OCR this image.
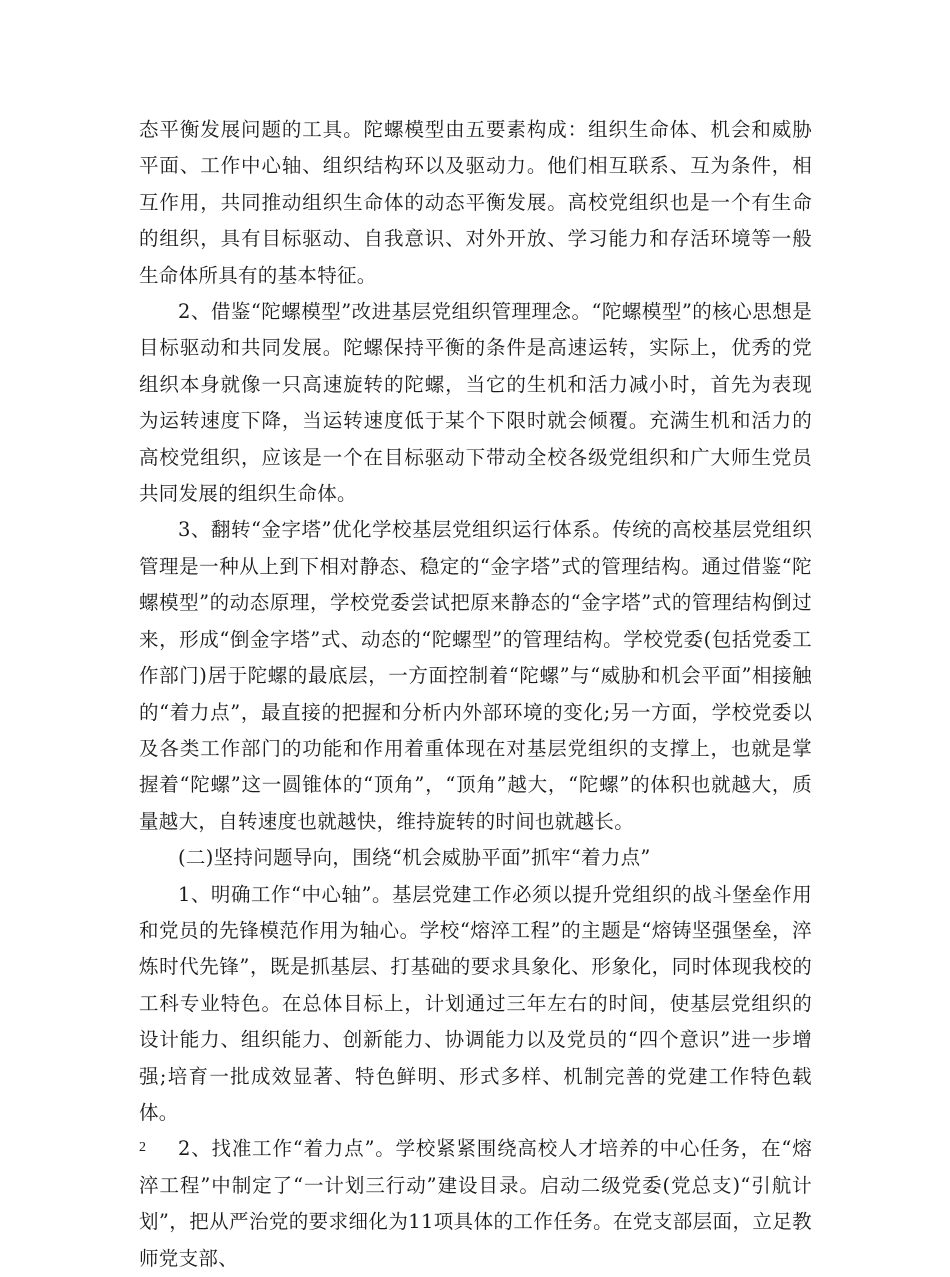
态平衡发展问题的工具。陀螺模型由五要素构成：组织生命体、机会和威胁平面、工作中心轴、组织结构环以及驱动力。他们相互联系、互为条件，相互作用，共同推动组织生命体的动态平衡发展。高校党组织也是一个有生命的组织，具有目标驱动、自我意识、对外开放、学习能力和存活环境等一般生命体所具有的基本特征。

2、借鉴“陀螺模型”改进基层党组织管理理念。“陀螺模型”的核心思想是目标驱动和共同发展。陀螺保持平衡的条件是高速运转，实际上，优秀的党组织本身就像一只高速旋转的陀螺，当它的生机和活力减小时，首先为表现为运转速度下降，当运转速度低于某个下限时就会倾覆。充满生机和活力的高校党组织，应该是一个在目标驱动下带动全校各级党组织和广大师生党员共同发展的组织生命体。

3、翻转“金字塔”优化学校基层党组织运行体系。传统的高校基层党组织管理是一种从上到下相对静态、稳定的“金字塔”式的管理结构。通过借鉴“陀螺模型”的动态原理，学校党委尝试把原来静态的“金字塔”式的管理结构倒过来，形成“倒金字塔”式、动态的“陀螺型”的管理结构。学校党委(包括党委工作部门)居于陀螺的最底层，一方面控制着“陀螺”与“威胁和机会平面”相接触的“着力点”，最直接的把握和分析内外部环境的变化;另一方面，学校党委以及各类工作部门的功能和作用着重体现在对基层党组织的支撑上，也就是掌握着“陀螺”这一圆锥体的“顶角”，“顶角”越大，“陀螺”的体积也就越大，质量越大，自转速度也就越快，维持旋转的时间也就越长。

(二)坚持问题导向，围绕“机会威胁平面”抓牢“着力点”

1、明确工作“中心轴”。基层党建工作必须以提升党组织的战斗堡垒作用和党员的先锋模范作用为轴心。学校“熔淬工程”的主题是“熔铸坚强堡垒，淬炼时代先锋”，既是抓基层、打基础的要求具象化、形象化，同时体现我校的工科专业特色。在总体目标上，计划通过三年左右的时间，使基层党组织的设计能力、组织能力、创新能力、协调能力以及党员的“四个意识”进一步增强;培育一批成效显著、特色鲜明、形式多样、机制完善的党建工作特色载体。

2、找准工作“着力点”。学校紧紧围绕高校人才培养的中心任务，在“熔淬工程”中制定了“一计划三行动”建设目录。启动二级党委(党总支)“引航计划”，把从严治党的要求细化为11项具体的工作任务。在党支部层面，立足教师党支部、

2
